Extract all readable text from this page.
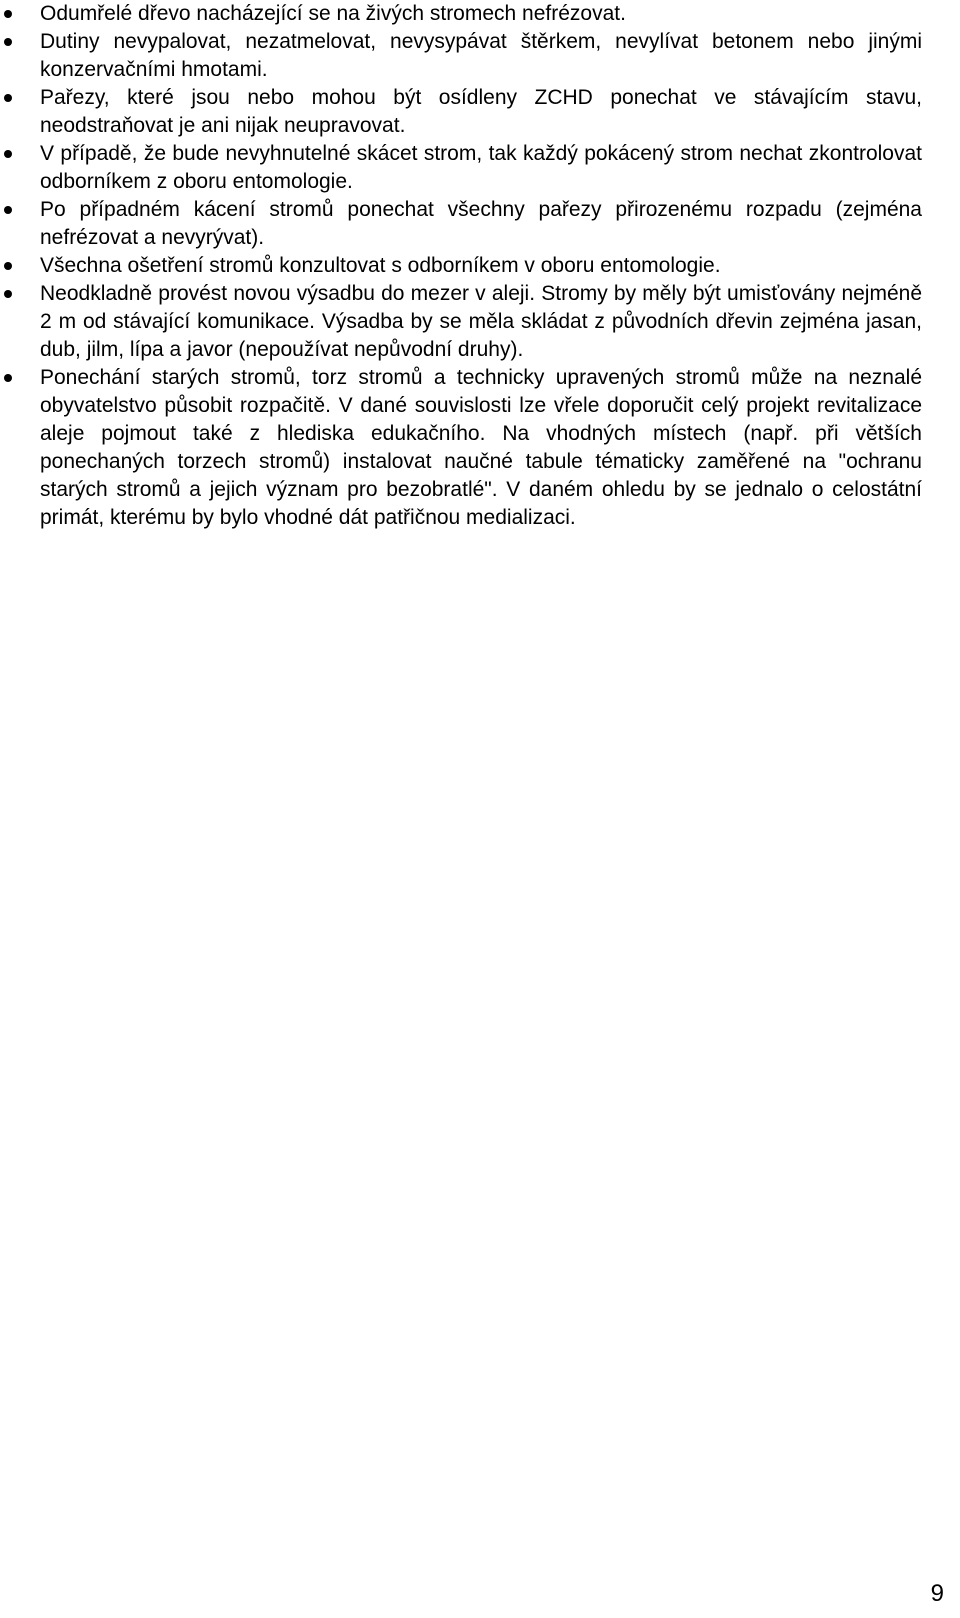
Odumřelé dřevo nacházející se na živých stromech nefrézovat.
Dutiny nevypalovat, nezatmelovat, nevysypávat štěrkem, nevylívat betonem nebo jinými konzervačními hmotami.
Pařezy, které jsou nebo mohou být osídleny ZCHD ponechat ve stávajícím stavu, neodstraňovat je ani nijak neupravovat.
V případě, že bude nevyhnutelné skácet strom, tak každý pokácený strom nechat zkontrolovat odborníkem z oboru entomologie.
Po případném kácení stromů ponechat všechny pařezy přirozenému rozpadu (zejména nefrézovat a nevyrývat).
Všechna ošetření stromů konzultovat s odborníkem v oboru entomologie.
Neodkladně provést novou výsadbu do mezer v aleji. Stromy by měly být umisťovány nejméně 2 m od stávající komunikace. Výsadba by se měla skládat z původních dřevin zejména jasan, dub, jilm, lípa a javor (nepoužívat nepůvodní druhy).
Ponechání starých stromů, torz stromů a technicky upravených stromů může na neznalé obyvatelstvo působit rozpačitě. V dané souvislosti lze vřele doporučit celý projekt revitalizace aleje pojmout také z hlediska edukačního. Na vhodných místech (např. při větších ponechaných torzech stromů) instalovat naučné tabule tématicky zaměřené na "ochranu starých stromů a jejich význam pro bezobratlé". V daném ohledu by se jednalo o celostátní primát, kterému by bylo vhodné dát patřičnou medializaci.
9
